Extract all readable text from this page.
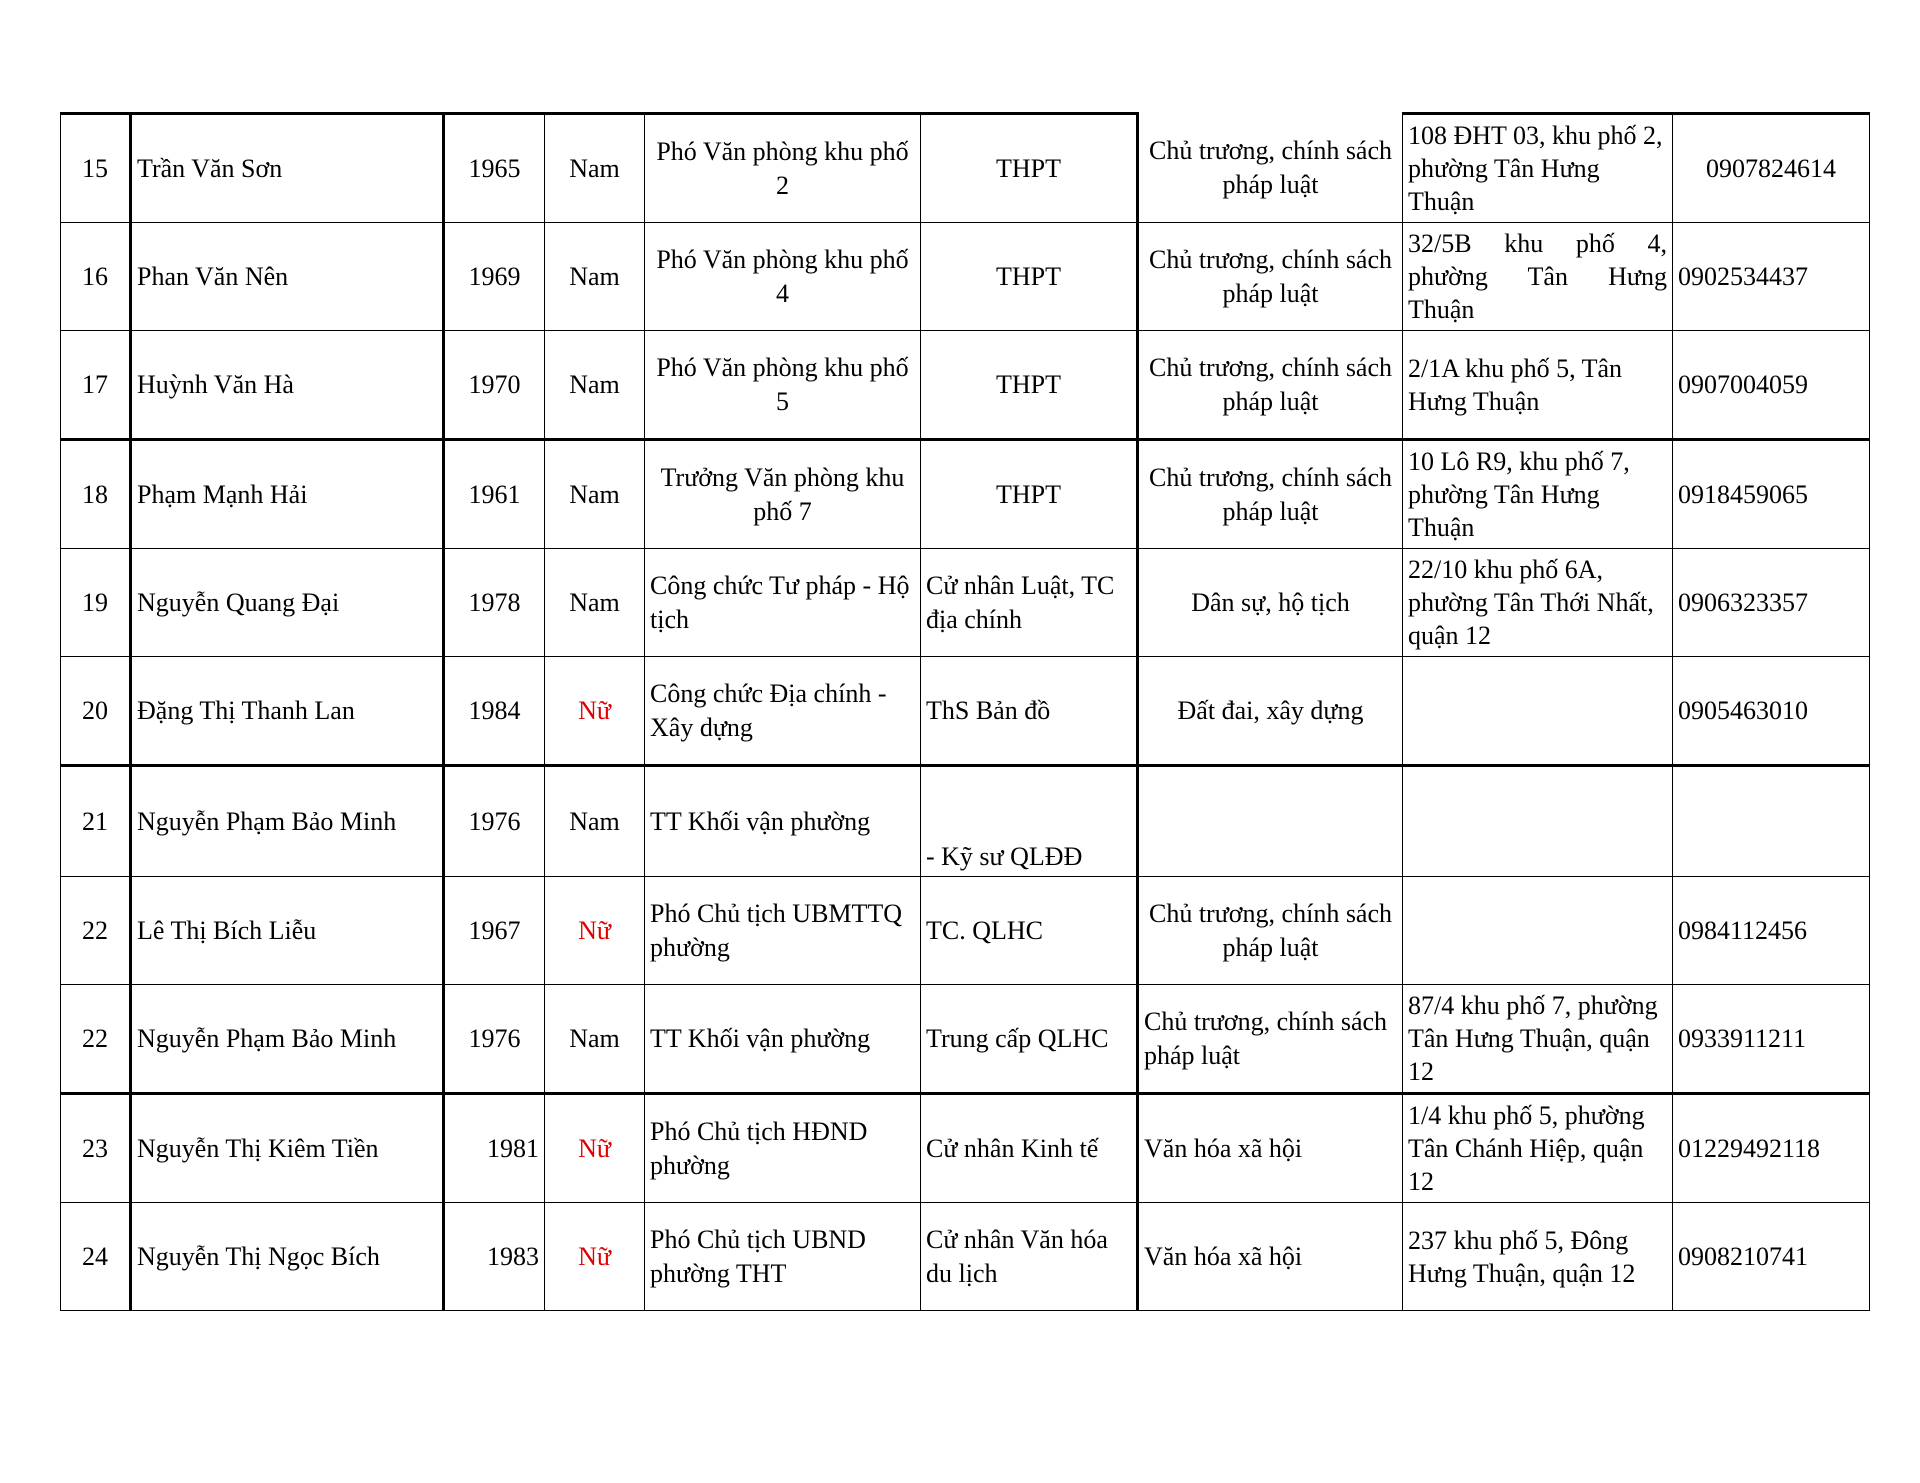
15	Trần Văn Sơn	1965	Nam	Phó Văn phòng khu phố 2	THPT	Chủ trương, chính sách pháp luật	108 ĐHT 03, khu phố 2, phường Tân Hưng Thuận	0907824614
16	Phan Văn Nên	1969	Nam	Phó Văn phòng khu phố 4	THPT	Chủ trương, chính sách pháp luật	32/5B khu phố 4, phường Tân Hưng Thuận	0902534437
17	Huỳnh Văn Hà	1970	Nam	Phó Văn phòng khu phố 5	THPT	Chủ trương, chính sách pháp luật	2/1A khu phố 5, Tân Hưng Thuận	0907004059
18	Phạm Mạnh Hải	1961	Nam	Trưởng Văn phòng khu phố 7	THPT	Chủ trương, chính sách pháp luật	10 Lô R9, khu phố 7, phường Tân Hưng Thuận	0918459065
19	Nguyễn Quang Đại	1978	Nam	Công chức Tư pháp - Hộ tịch	Cử nhân Luật, TC địa chính	Dân sự, hộ tịch	22/10 khu phố 6A, phường Tân Thới Nhất, quận 12	0906323357
20	Đặng Thị Thanh Lan	1984	Nữ	Công chức Địa chính - Xây dựng	ThS Bản đồ	Đất đai, xây dựng		0905463010
21	Nguyễn Phạm Bảo Minh	1976	Nam	TT Khối vận phường	- Kỹ sư QLĐĐ			
22	Lê Thị Bích Liễu	1967	Nữ	Phó Chủ tịch UBMTTQ phường	TC. QLHC	Chủ trương, chính sách pháp luật		0984112456
22	Nguyễn Phạm Bảo Minh	1976	Nam	TT Khối vận phường	Trung cấp QLHC	Chủ trương, chính sách pháp luật	87/4 khu phố 7, phường Tân Hưng Thuận, quận 12	0933911211
23	Nguyễn Thị Kiêm Tiền	1981	Nữ	Phó Chủ tịch HĐND phường	Cử nhân Kinh tế	Văn hóa xã hội	1/4 khu phố 5, phường Tân Chánh Hiệp, quận 12	01229492118
24	Nguyễn Thị Ngọc Bích	1983	Nữ	Phó Chủ tịch UBND phường THT	Cử nhân Văn hóa du lịch	Văn hóa xã hội	237 khu phố 5, Đông Hưng Thuận, quận 12	0908210741
